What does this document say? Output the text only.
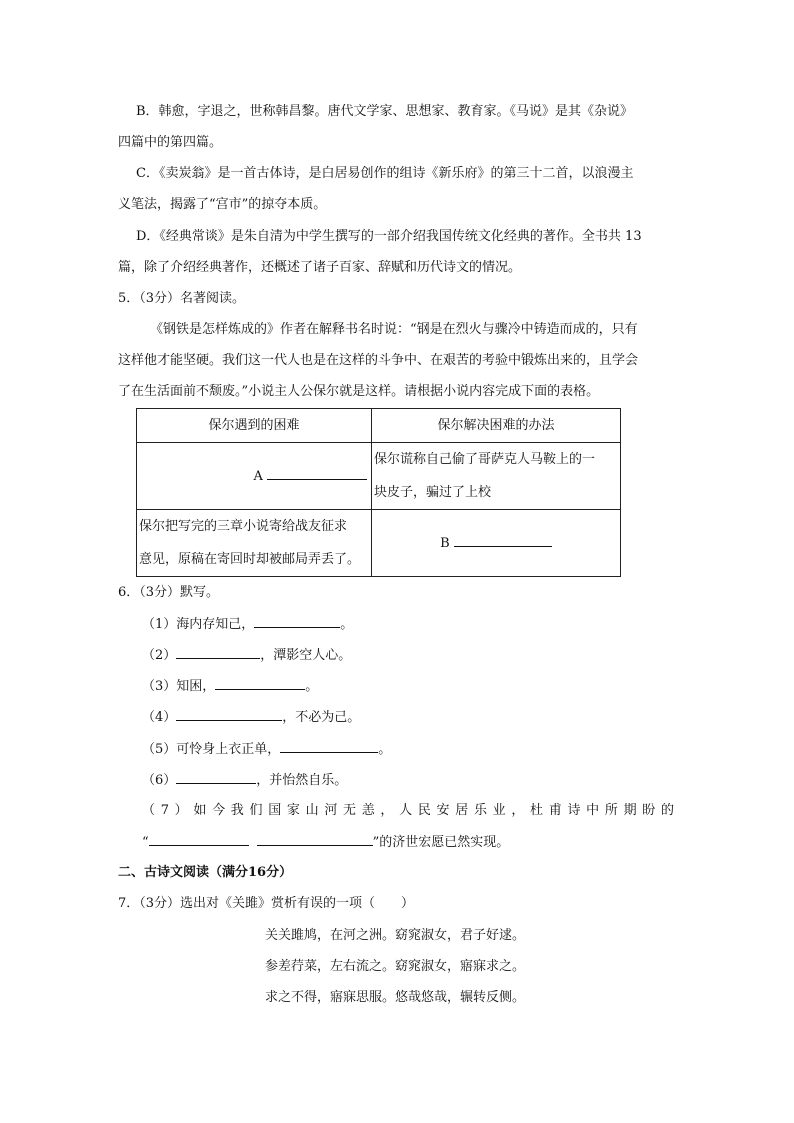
B．韩愈，字退之，世称韩昌黎。唐代文学家、思想家、教育家。《马说》是其《杂说》
四篇中的第四篇。
C．《卖炭翁》是一首古体诗，是白居易创作的组诗《新乐府》的第三十二首，以浪漫主
义笔法，揭露了“宫市”的掠夺本质。
D．《经典常谈》是朱自清为中学生撰写的一部介绍我国传统文化经典的著作。全书共 13
篇，除了介绍经典著作，还概述了诸子百家、辞赋和历代诗文的情况。
5．（3分）名著阅读。
《钢铁是怎样炼成的》作者在解释书名时说：“钢是在烈火与骤冷中铸造而成的，只有
这样他才能坚硬。我们这一代人也是在这样的斗争中、在艰苦的考验中锻炼出来的，且学会
了在生活面前不颓废。”小说主人公保尔就是这样。请根据小说内容完成下面的表格。
保尔遇到的困难	保尔解决困难的办法
A	保尔谎称自己偷了哥萨克人马鞍上的一
块皮子，骗过了上校

保尔把写完的三章小说寄给战友征求
意见，原稿在寄回时却被邮局弄丢了。	B
6．（3分）默写。
（1）海内存知己，	。
（2）	，潭影空人心。
（3）知困，	。
（4）	，不必为己。
（5）可怜身上衣正单，	。
（6）	，并怡然自乐。
（7）如今我们国家山河无恙，人民安居乐业，杜甫诗中所期盼的
“	”的济世宏愿已然实现。
二、古诗文阅读（满分16分）
7．（3分）选出对《关雎》赏析有误的一项（　　）
关关雎鸠，在河之洲。窈窕淑女，君子好逑。
参差荇菜，左右流之。窈窕淑女，寤寐求之。
求之不得，寤寐思服。悠哉悠哉，辗转反侧。
